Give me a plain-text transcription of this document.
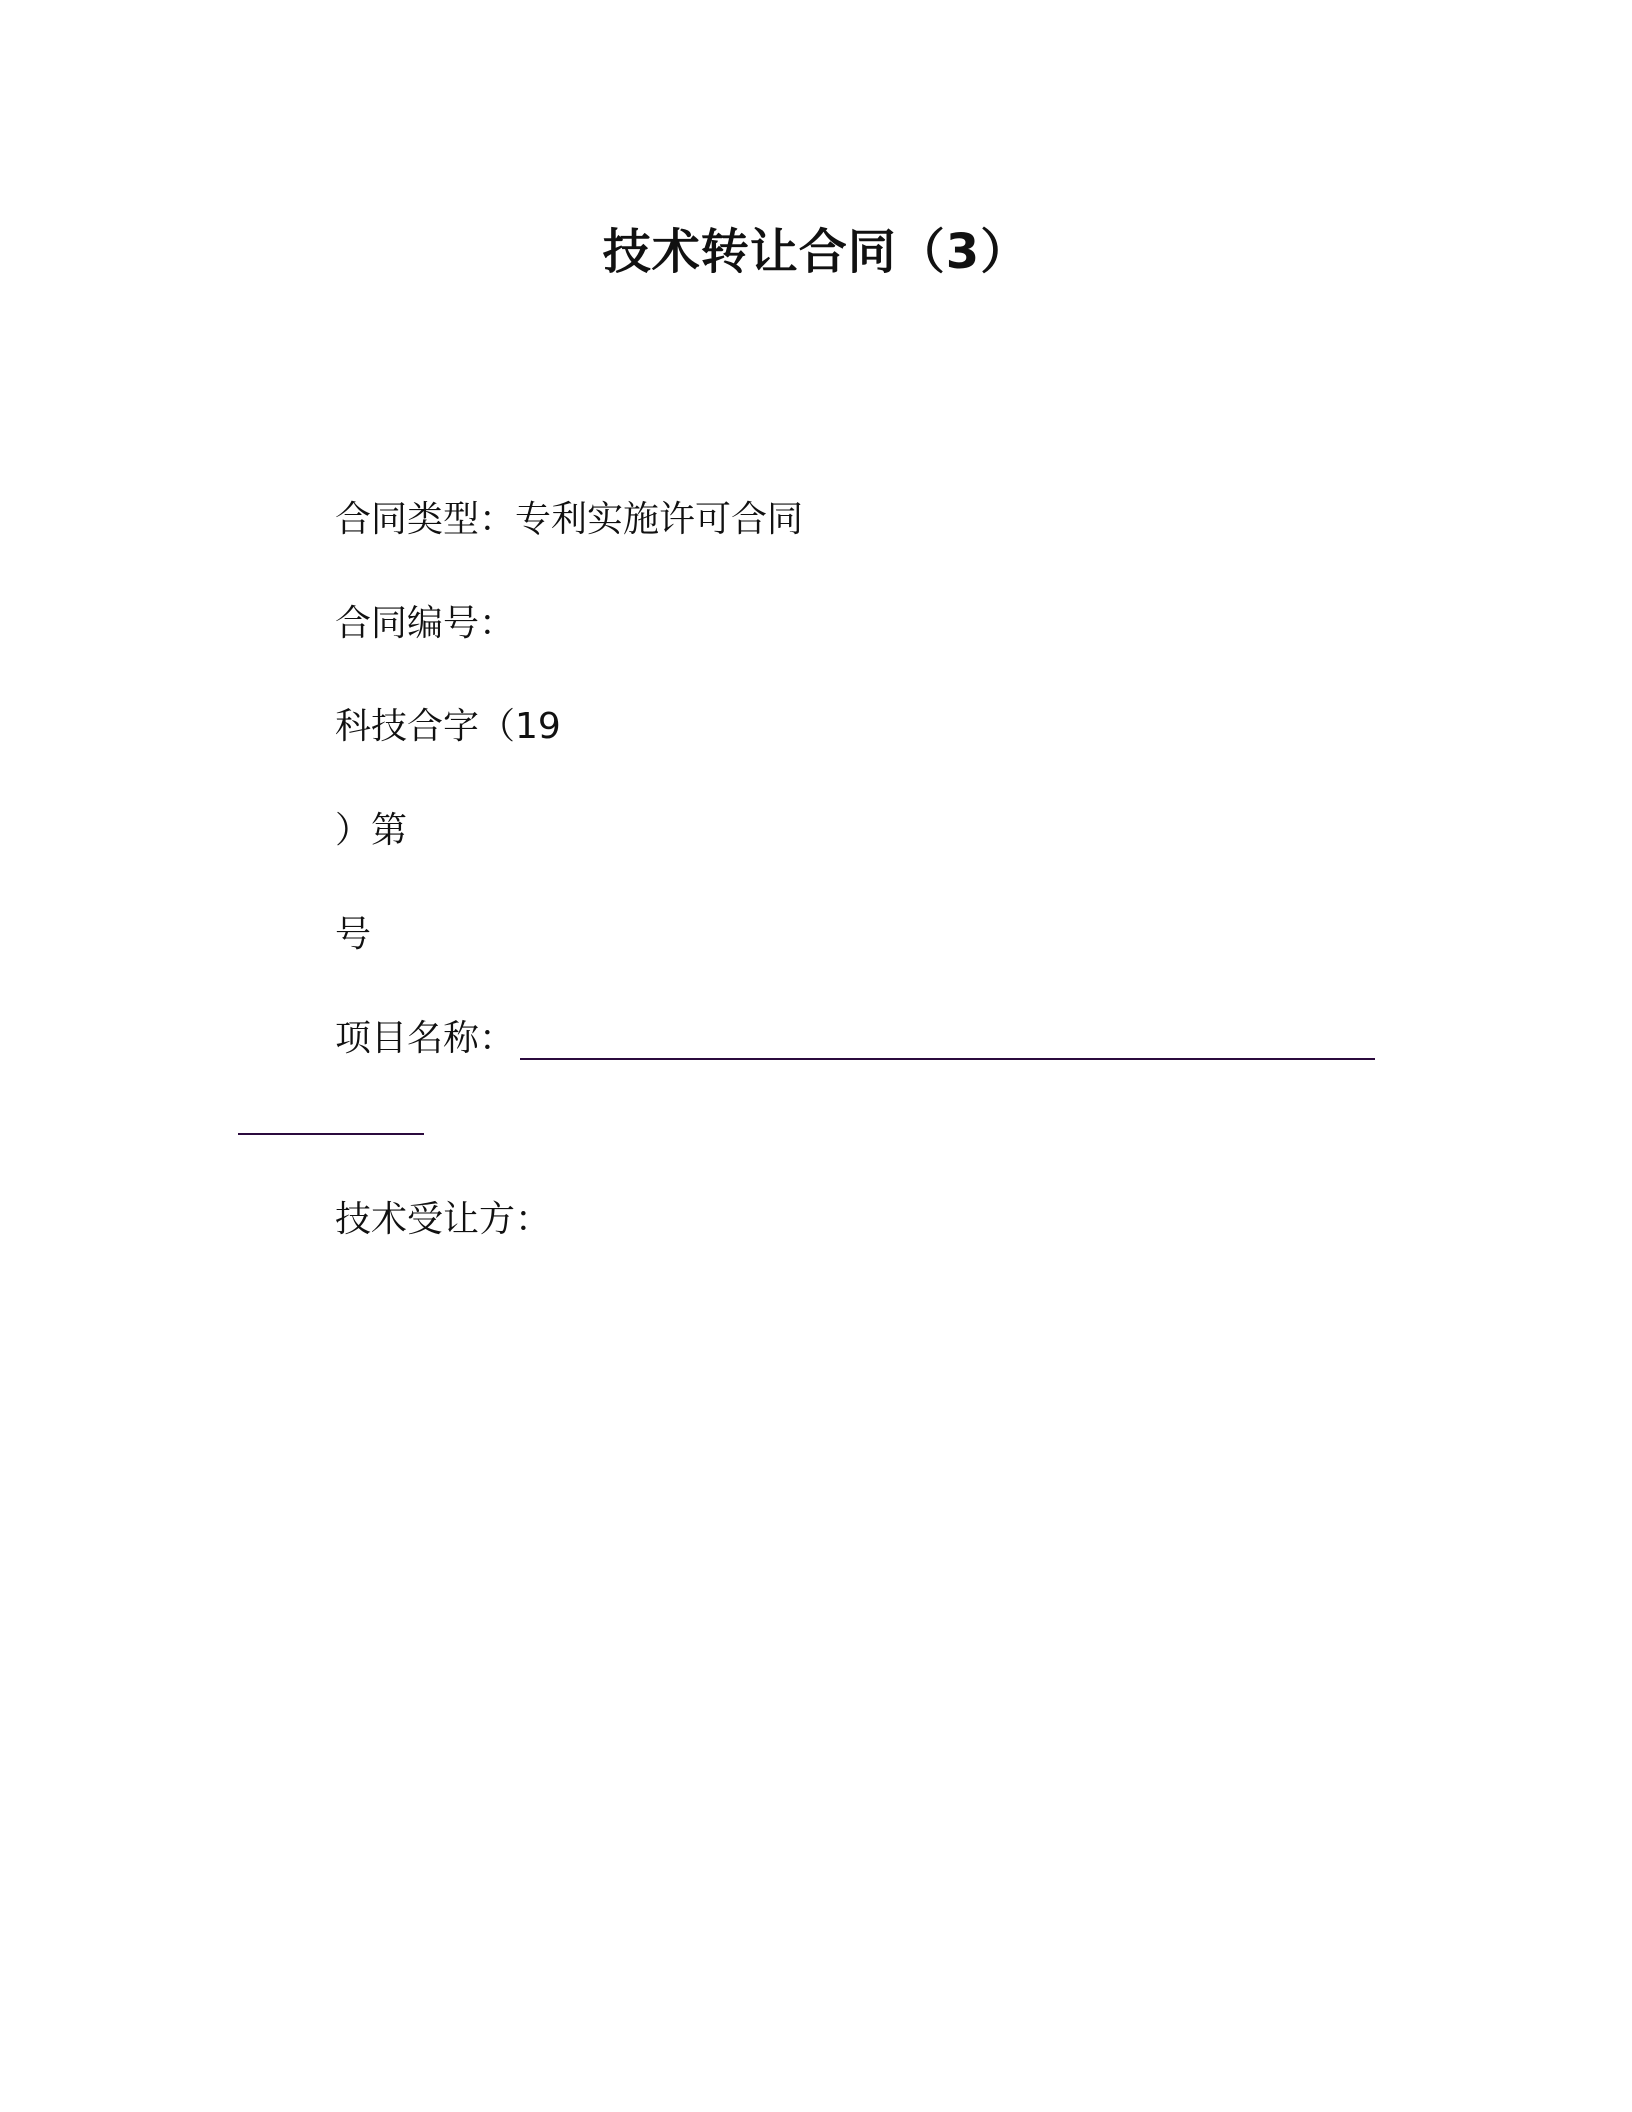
技术转让合同（3）
合同类型：专利实施许可合同
合同编号：
科技合字（19
）第
号
项目名称：
技术受让方：
